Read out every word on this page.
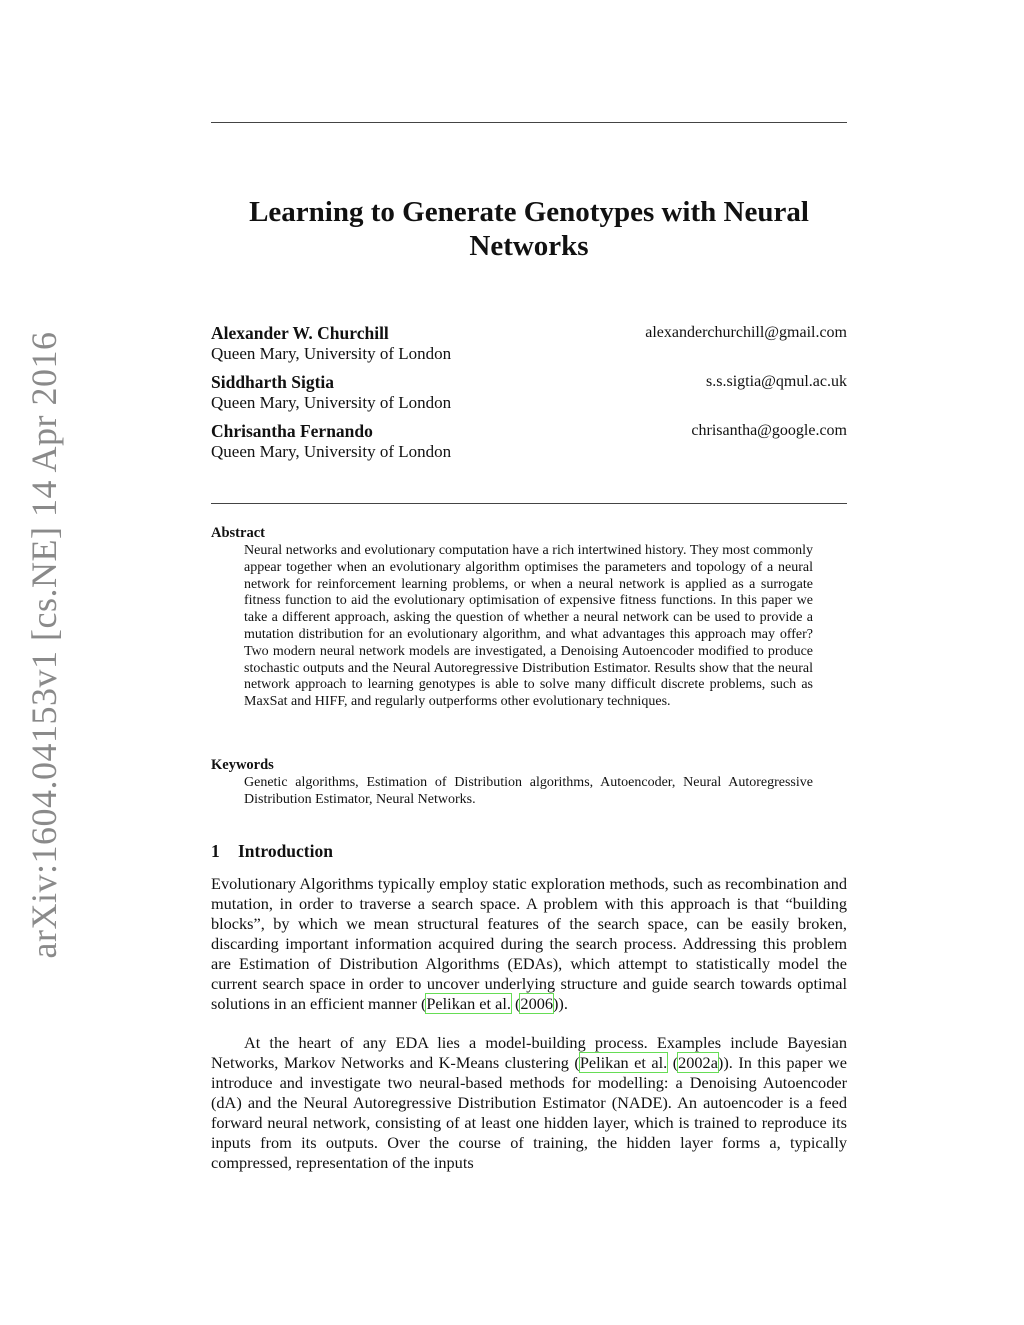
arXiv:1604.04153v1 [cs.NE] 14 Apr 2016
Learning to Generate Genotypes with Neural Networks
Alexander W. Churchill
Queen Mary, University of London
alexanderchurchill@gmail.com
Siddharth Sigtia
Queen Mary, University of London
s.s.sigtia@qmul.ac.uk
Chrisantha Fernando
Queen Mary, University of London
chrisantha@google.com
Abstract

Neural networks and evolutionary computation have a rich intertwined history. They most commonly appear together when an evolutionary algorithm optimises the parameters and topology of a neural network for reinforcement learning problems, or when a neural network is applied as a surrogate fitness function to aid the evolutionary optimisation of expensive fitness functions. In this paper we take a different approach, asking the question of whether a neural network can be used to provide a mutation distribution for an evolutionary algorithm, and what advantages this approach may offer? Two modern neural network models are investigated, a Denoising Autoencoder modified to produce stochastic outputs and the Neural Autoregressive Distribution Estimator. Results show that the neural network approach to learning genotypes is able to solve many difficult discrete problems, such as MaxSat and HIFF, and regularly outperforms other evolutionary techniques.

Keywords

Genetic algorithms, Estimation of Distribution algorithms, Autoencoder, Neural Autoregressive Distribution Estimator, Neural Networks.

1 Introduction

Evolutionary Algorithms typically employ static exploration methods, such as recombination and mutation, in order to traverse a search space. A problem with this approach is that “building blocks”, by which we mean structural features of the search space, can be easily broken, discarding important information acquired during the search process. Addressing this problem are Estimation of Distribution Algorithms (EDAs), which attempt to statistically model the current search space in order to uncover underlying structure and guide search towards optimal solutions in an efficient manner (Pelikan et al. (2006)).

At the heart of any EDA lies a model-building process. Examples include Bayesian Networks, Markov Networks and K-Means clustering (Pelikan et al. (2002a)). In this paper we introduce and investigate two neural-based methods for modelling: a Denoising Autoencoder (dA) and the Neural Autoregressive Distribution Estimator (NADE). An autoencoder is a feed forward neural network, consisting of at least one hidden layer, which is trained to reproduce its inputs from its outputs. Over the course of training, the hidden layer forms a, typically compressed, representation of the inputs
